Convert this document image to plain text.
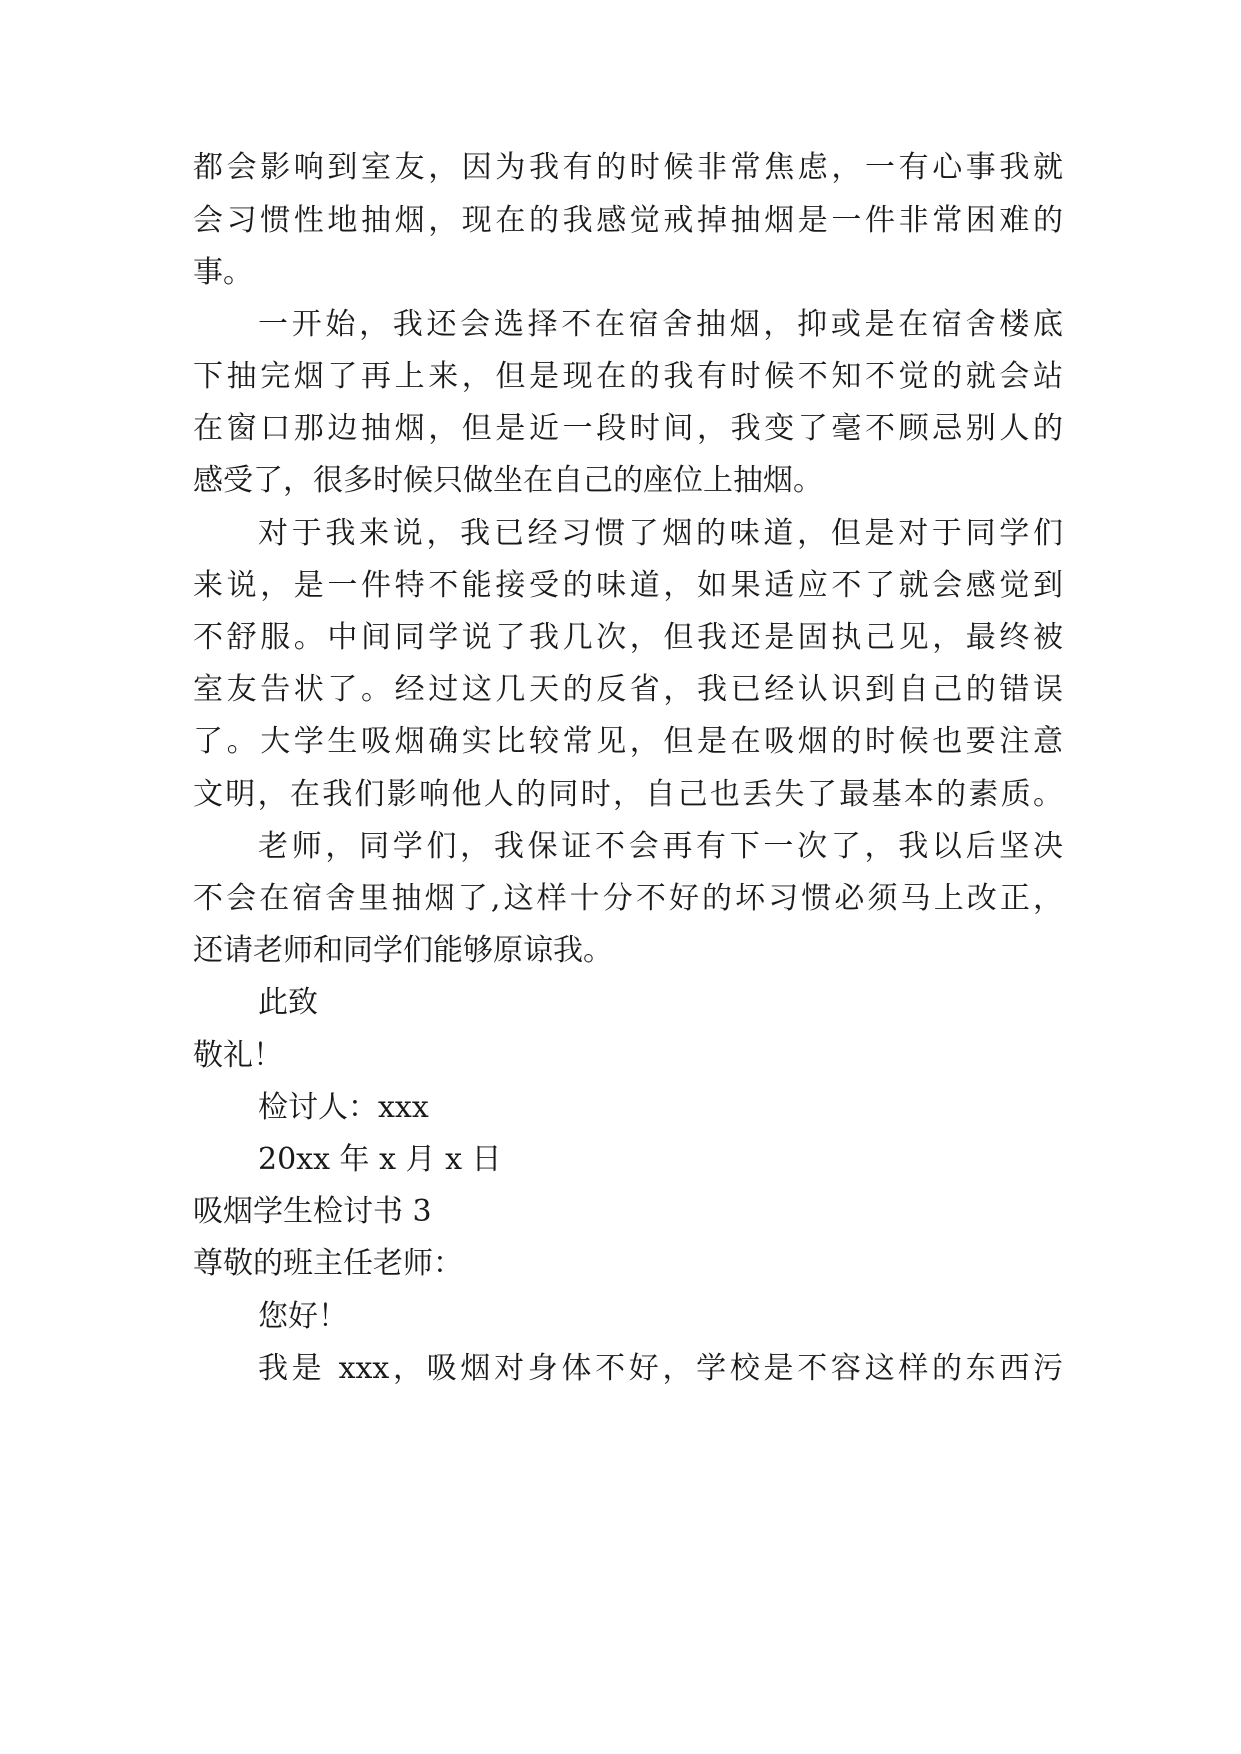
都会影响到室友，因为我有的时候非常焦虑，一有心事我就
会习惯性地抽烟，现在的我感觉戒掉抽烟是一件非常困难的
事。
一开始，我还会选择不在宿舍抽烟，抑或是在宿舍楼底
下抽完烟了再上来，但是现在的我有时候不知不觉的就会站
在窗口那边抽烟，但是近一段时间，我变了毫不顾忌别人的
感受了，很多时候只做坐在自己的座位上抽烟。
对于我来说，我已经习惯了烟的味道，但是对于同学们
来说，是一件特不能接受的味道，如果适应不了就会感觉到
不舒服。中间同学说了我几次，但我还是固执己见，最终被
室友告状了。经过这几天的反省，我已经认识到自己的错误
了。大学生吸烟确实比较常见，但是在吸烟的时候也要注意
文明，在我们影响他人的同时，自己也丢失了最基本的素质。
老师，同学们，我保证不会再有下一次了，我以后坚决
不会在宿舍里抽烟了,这样十分不好的坏习惯必须马上改正，
还请老师和同学们能够原谅我。
此致
敬礼！
检讨人：xxx
20xx 年 x 月 x 日
吸烟学生检讨书 3
尊敬的班主任老师：
您好！
我是 xxx，吸烟对身体不好，学校是不容这样的东西污
